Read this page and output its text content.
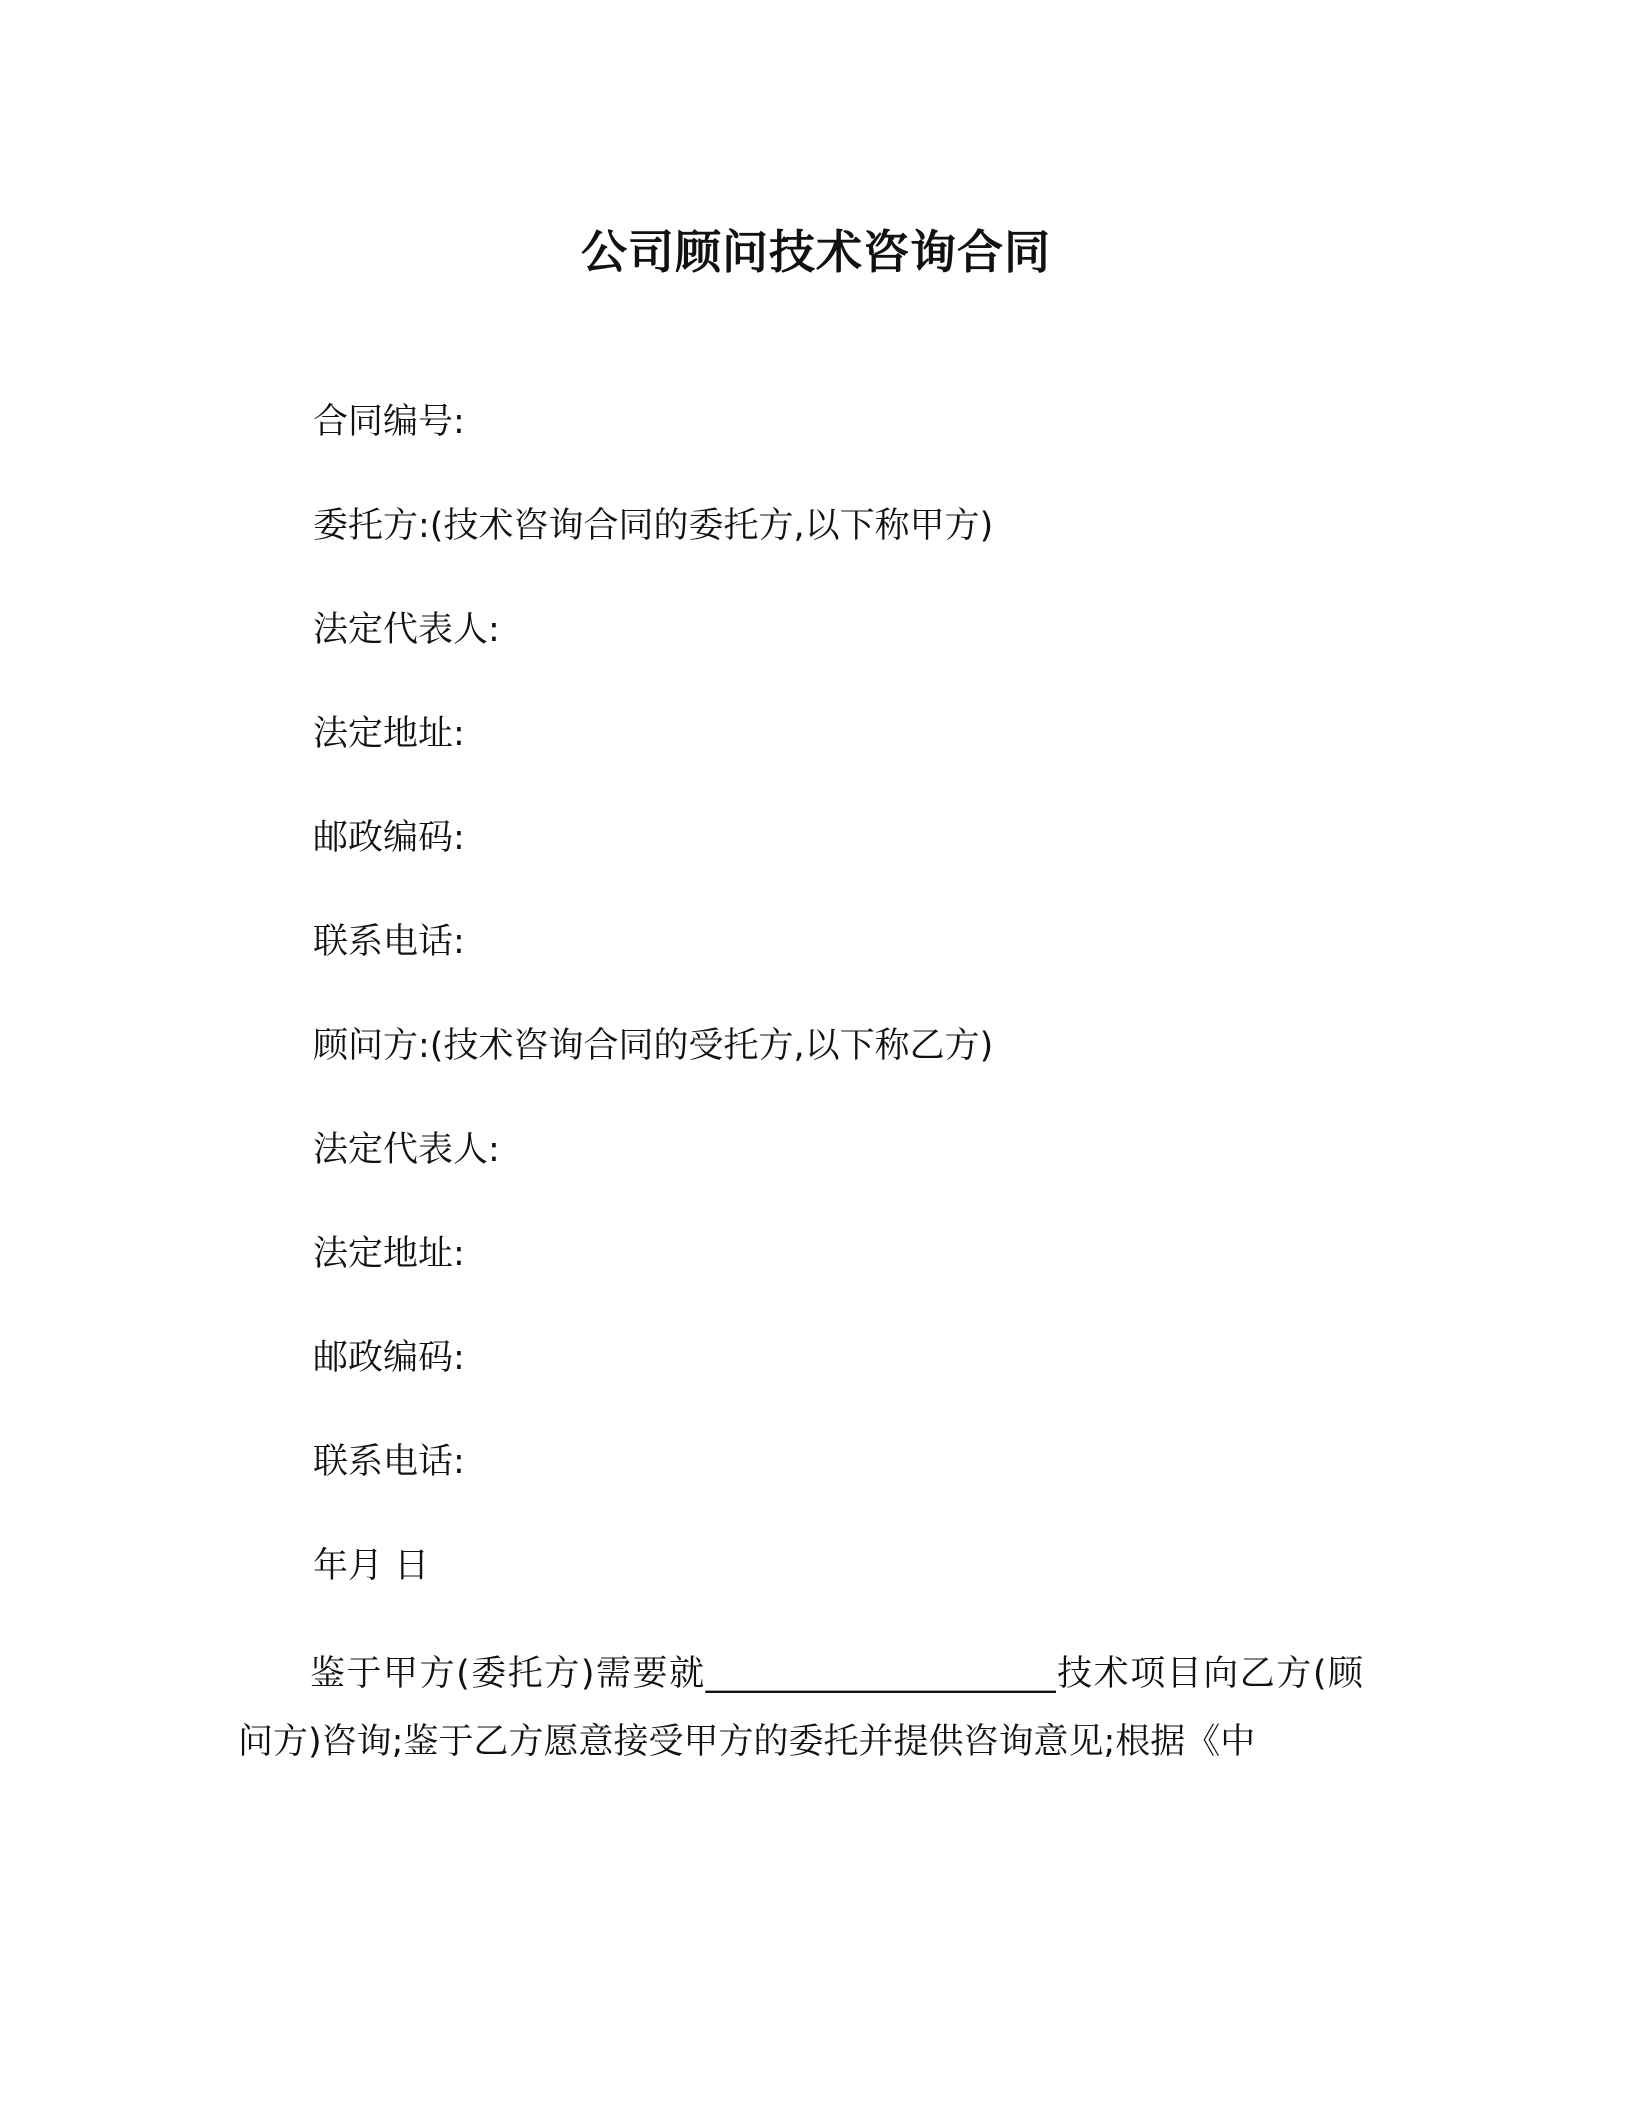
公司顾问技术咨询合同
合同编号:
委托方:(技术咨询合同的委托方,以下称甲方)
法定代表人:
法定地址:
邮政编码:
联系电话:
顾问方:(技术咨询合同的受托方,以下称乙方)
法定代表人:
法定地址:
邮政编码:
联系电话:
年月 日

鉴于甲方(委托方)需要就____________________技术项目向乙方(顾问方)咨询;鉴于乙方愿意接受甲方的委托并提供咨询意见;根据《中
